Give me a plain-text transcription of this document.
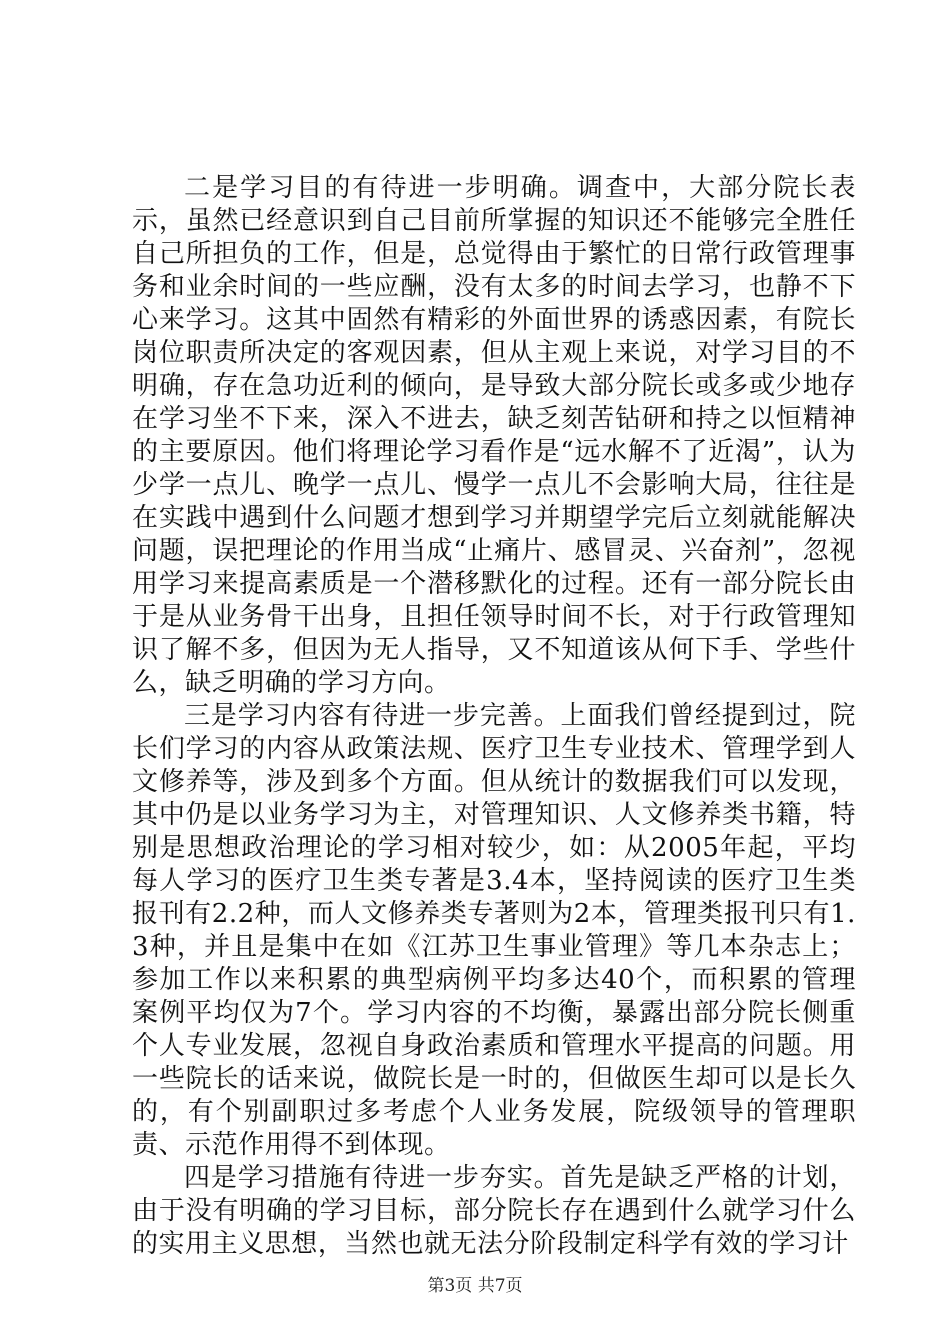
二是学习目的有待进一步明确。调查中，大部分院长表示，虽然已经意识到自己目前所掌握的知识还不能够完全胜任自己所担负的工作，但是，总觉得由于繁忙的日常行政管理事务和业余时间的一些应酬，没有太多的时间去学习，也静不下心来学习。这其中固然有精彩的外面世界的诱惑因素，有院长岗位职责所决定的客观因素，但从主观上来说，对学习目的不明确，存在急功近利的倾向，是导致大部分院长或多或少地存在学习坐不下来，深入不进去，缺乏刻苦钻研和持之以恒精神的主要原因。他们将理论学习看作是“远水解不了近渴”，认为少学一点儿、晚学一点儿、慢学一点儿不会影响大局，往往是在实践中遇到什么问题才想到学习并期望学完后立刻就能解决问题，误把理论的作用当成“止痛片、感冒灵、兴奋剂”，忽视用学习来提高素质是一个潜移默化的过程。还有一部分院长由于是从业务骨干出身，且担任领导时间不长，对于行政管理知识了解不多，但因为无人指导，又不知道该从何下手、学些什么，缺乏明确的学习方向。

三是学习内容有待进一步完善。上面我们曾经提到过，院长们学习的内容从政策法规、医疗卫生专业技术、管理学到人文修养等，涉及到多个方面。但从统计的数据我们可以发现，其中仍是以业务学习为主，对管理知识、人文修养类书籍，特别是思想政治理论的学习相对较少，如：从2005年起，平均每人学习的医疗卫生类专著是3.4本，坚持阅读的医疗卫生类报刊有2.2种，而人文修养类专著则为2本，管理类报刊只有1.3种，并且是集中在如《江苏卫生事业管理》等几本杂志上；参加工作以来积累的典型病例平均多达40个，而积累的管理案例平均仅为7个。学习内容的不均衡，暴露出部分院长侧重个人专业发展，忽视自身政治素质和管理水平提高的问题。用一些院长的话来说，做院长是一时的，但做医生却可以是长久的，有个别副职过多考虑个人业务发展，院级领导的管理职责、示范作用得不到体现。

四是学习措施有待进一步夯实。首先是缺乏严格的计划，由于没有明确的学习目标，部分院长存在遇到什么就学习什么的实用主义思想，当然也就无法分阶段制定科学有效的学习计

第3页 共7页
